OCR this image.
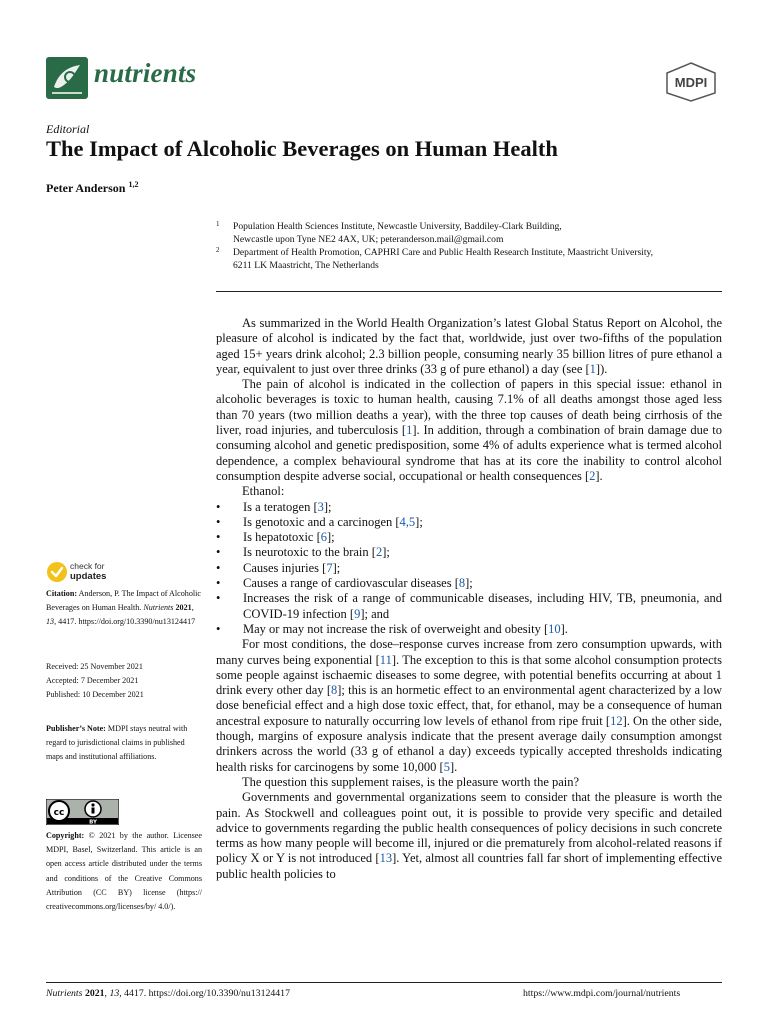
nutrients	MDPI
Editorial
The Impact of Alcoholic Beverages on Human Health
Peter Anderson $^{1,2}$
1 Population Health Sciences Institute, Newcastle University, Baddiley-Clark Building,
Newcastle upon Tyne NE2 4AX, UK; peteranderson.mail@gmail.com
2 Department of Health Promotion, CAPHRI Care and Public Health Research Institute, Maastricht University,
6211 LK Maastricht, The Netherlands
check for
updates
Citation: Anderson, P. The Impact of Alcoholic Beverages on Human Health. Nutrients 2021, 13, 4417. https://doi.org/10.3390/nu13124417
Received: 25 November 2021
Accepted: 7 December 2021
Published: 10 December 2021
Publisher’s Note: MDPI stays neutral with regard to jurisdictional claims in published maps and institutional affiliations.
cc
BY
Copyright: © 2021 by the author. Licensee MDPI, Basel, Switzerland. This article is an open access article distributed under the terms and conditions of the Creative Commons Attribution (CC BY) license (https:// creativecommons.org/licenses/by/ 4.0/).

As summarized in the World Health Organization’s latest Global Status Report on Alcohol, the pleasure of alcohol is indicated by the fact that, worldwide, just over two-fifths of the population aged 15+ years drink alcohol; 2.3 billion people, consuming nearly 35 billion litres of pure ethanol a year, equivalent to just over three drinks (33 g of pure ethanol) a day (see [1]).

The pain of alcohol is indicated in the collection of papers in this special issue: ethanol in alcoholic beverages is toxic to human health, causing 7.1% of all deaths amongst those aged less than 70 years (two million deaths a year), with the three top causes of death being cirrhosis of the liver, road injuries, and tuberculosis [1]. In addition, through a combination of brain damage due to consuming alcohol and genetic predisposition, some 4% of adults experience what is termed alcohol dependence, a complex behavioural syndrome that has at its core the inability to control alcohol consumption despite adverse social, occupational or health consequences [2].

Ethanol:

• Is a teratogen [3];
• Is genotoxic and a carcinogen [4,5];
• Is hepatotoxic [6];
• Is neurotoxic to the brain [2];
• Causes injuries [7];
• Causes a range of cardiovascular diseases [8];
• Increases the risk of a range of communicable diseases, including HIV, TB, pneumonia, and COVID-19 infection [9]; and
• May or may not increase the risk of overweight and obesity [10].

For most conditions, the dose–response curves increase from zero consumption upwards, with many curves being exponential [11]. The exception to this is that some alcohol consumption protects some people against ischaemic diseases to some degree, with potential benefits occurring at about 1 drink every other day [8]; this is an hormetic effect to an environmental agent characterized by a low dose beneficial effect and a high dose toxic effect, that, for ethanol, may be a consequence of human ancestral exposure to naturally occurring low levels of ethanol from ripe fruit [12]. On the other side, though, margins of exposure analysis indicate that the present average daily consumption amongst drinkers across the world (33 g of ethanol a day) exceeds typically accepted thresholds indicating health risks for carcinogens by some 10,000 [5].

The question this supplement raises, is the pleasure worth the pain?

Governments and governmental organizations seem to consider that the pleasure is worth the pain. As Stockwell and colleagues point out, it is possible to provide very specific and detailed advice to governments regarding the public health consequences of policy decisions in such concrete terms as how many people will become ill, injured or die prematurely from alcohol-related reasons if policy X or Y is not introduced [13]. Yet, almost all countries fall far short of implementing effective public health policies to

Nutrients 2021, 13, 4417. https://doi.org/10.3390/nu13124417	https://www.mdpi.com/journal/nutrients
